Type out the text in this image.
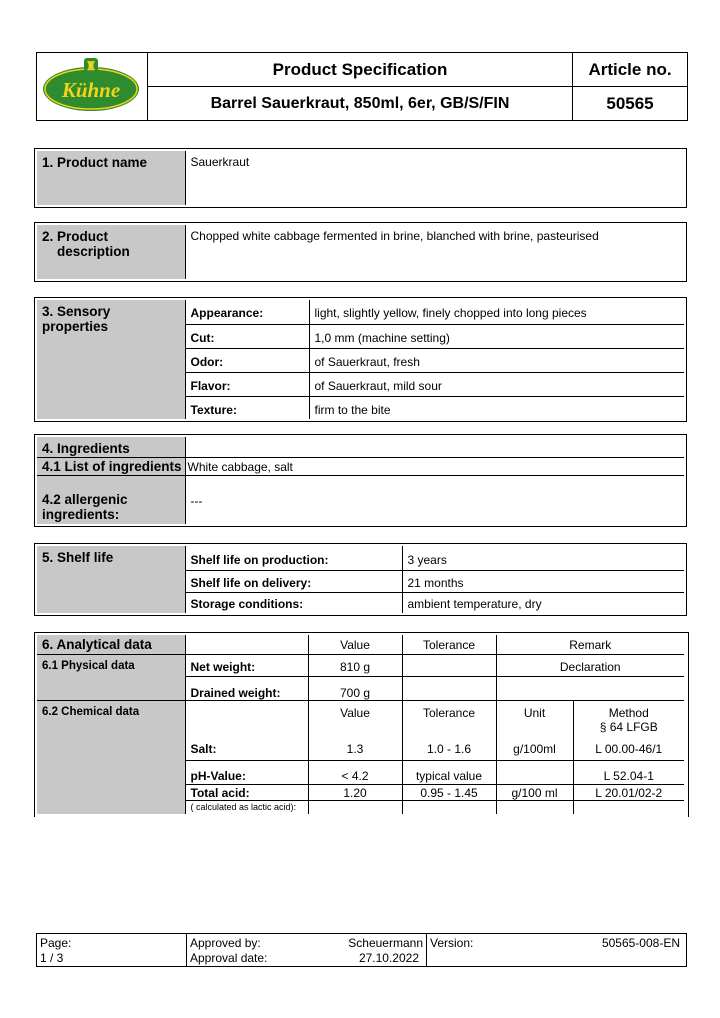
♜
Kühne	Product Specification	Article no.
	Barrel Sauerkraut, 850ml, 6er, GB/S/FIN	50565
1. Product name	Sauerkraut
2. Product
description
	Chopped white cabbage fermented in brine, blanched with brine, pasteurised
3. Sensory properties	Appearance:	light, slightly yellow, finely chopped into long pieces
	Cut:	1,0 mm (machine setting)
	Odor:	of Sauerkraut, fresh
	Flavor:	of Sauerkraut, mild sour
	Texture:	firm to the bite
4. Ingredients	
4.1 List of ingredients	White cabbage, salt

4.2 allergenic
ingredients:	---
5. Shelf life	Shelf life on production:	3 years
	Shelf life on delivery:	21 months
	Storage conditions:	ambient temperature, dry
6. Analytical data		Value	Tolerance	Remark	
6.1 Physical data	Net weight:	810 g		Declaration	
	Drained weight:	700 g			
6.2 Chemical data		Value	Tolerance	Unit	Method
§ 64 LFGB

	Salt:	1.3	1.0 - 1.6	g/100ml	L 00.00-46/1
	pH-Value:	< 4.2	typical value		L 52.04-1
	Total acid:	1.20	0.95 - 1.45	g/100 ml	L 20.01/02-2
	( calculated as lactic acid):				
Page:	Approved by: Scheuermann	Version: 50565-008-EN

1 / 3	Approval date: 27.10.2022	
